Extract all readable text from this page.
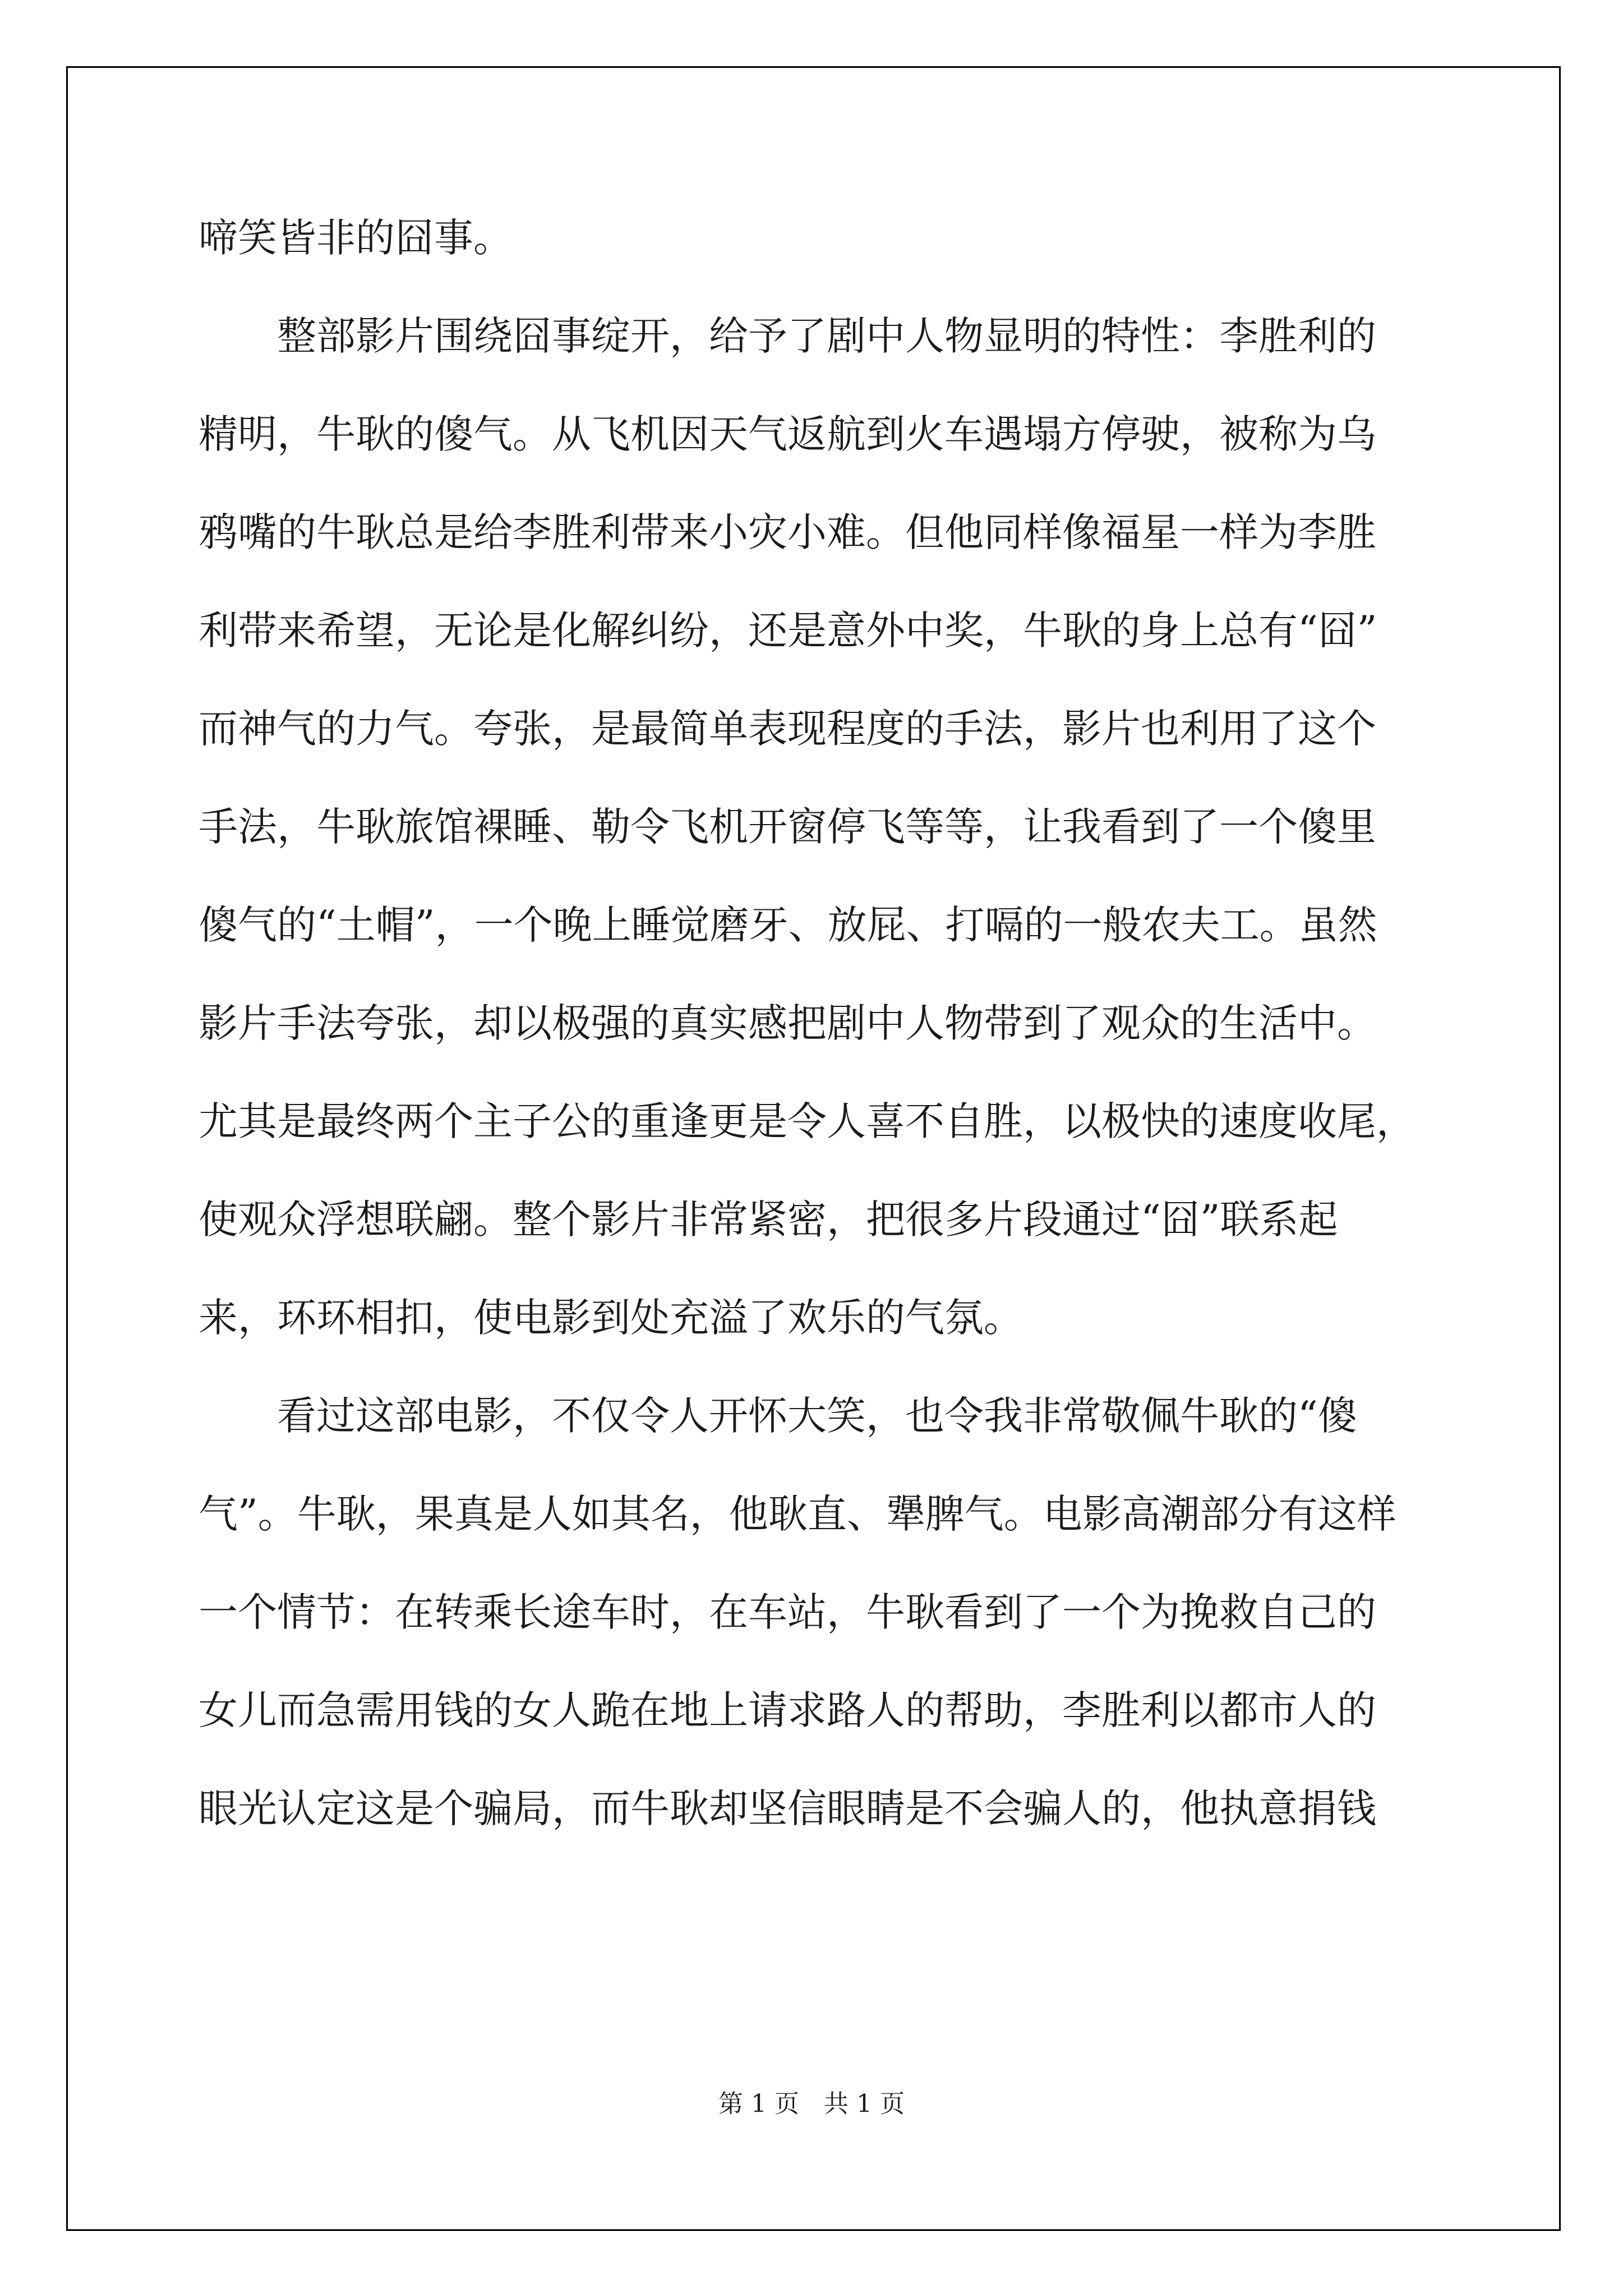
啼笑皆非的囧事。
　　整部影片围绕囧事绽开，给予了剧中人物显明的特性：李胜利的
精明，牛耿的傻气。从飞机因天气返航到火车遇塌方停驶，被称为乌
鸦嘴的牛耿总是给李胜利带来小灾小难。但他同样像福星一样为李胜
利带来希望，无论是化解纠纷，还是意外中奖，牛耿的身上总有“囧”
而神气的力气。夸张，是最简单表现程度的手法，影片也利用了这个
手法，牛耿旅馆裸睡、勒令飞机开窗停飞等等，让我看到了一个傻里
傻气的“土帽”，一个晚上睡觉磨牙、放屁、打嗝的一般农夫工。虽然
影片手法夸张，却以极强的真实感把剧中人物带到了观众的生活中。
尤其是最终两个主子公的重逢更是令人喜不自胜，以极快的速度收尾，
使观众浮想联翩。整个影片非常紧密，把很多片段通过“囧”联系起
来，环环相扣，使电影到处充溢了欢乐的气氛。
　　看过这部电影，不仅令人开怀大笑，也令我非常敬佩牛耿的“傻
气”。牛耿，果真是人如其名，他耿直、犟脾气。电影高潮部分有这样
一个情节：在转乘长途车时，在车站，牛耿看到了一个为挽救自己的
女儿而急需用钱的女人跪在地上请求路人的帮助，李胜利以都市人的
眼光认定这是个骗局，而牛耿却坚信眼睛是不会骗人的，他执意捐钱
第 1 页　共 1 页
